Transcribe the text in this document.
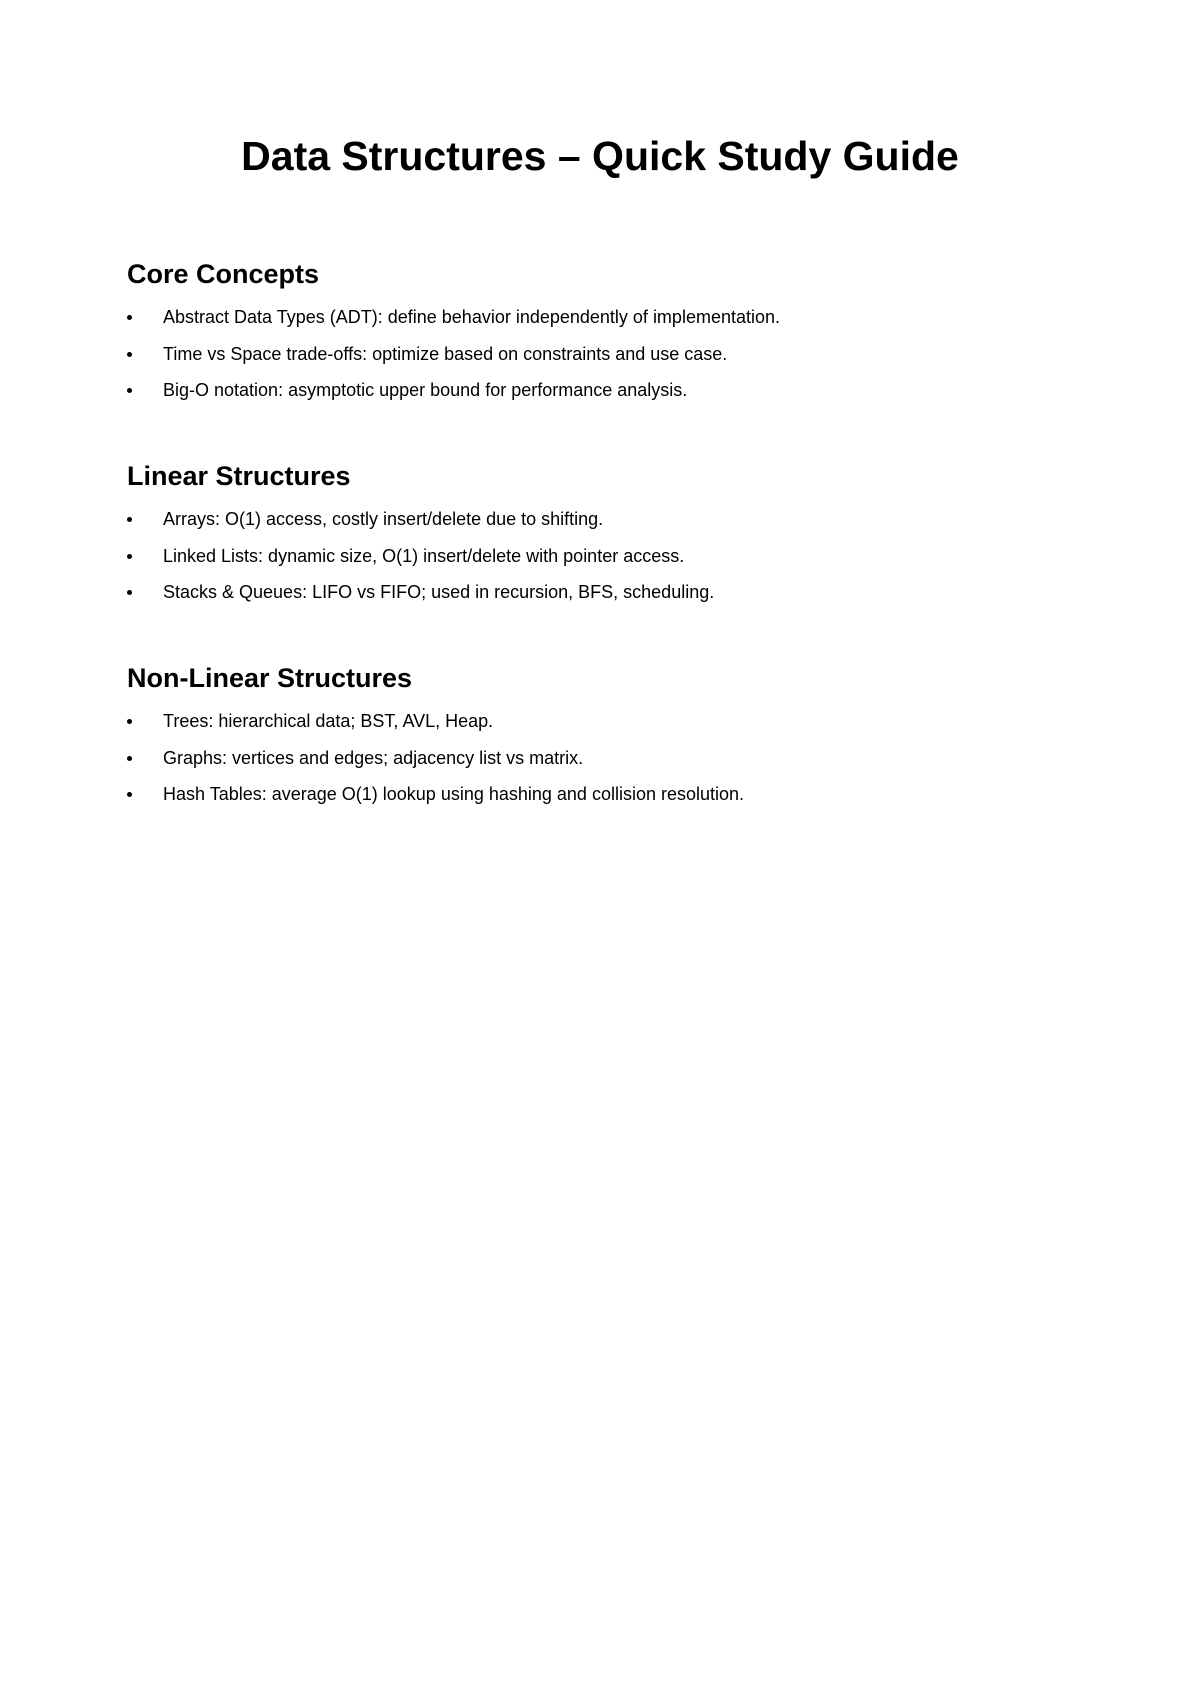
Data Structures – Quick Study Guide
Core Concepts
Abstract Data Types (ADT): define behavior independently of implementation.
Time vs Space trade-offs: optimize based on constraints and use case.
Big-O notation: asymptotic upper bound for performance analysis.
Linear Structures
Arrays: O(1) access, costly insert/delete due to shifting.
Linked Lists: dynamic size, O(1) insert/delete with pointer access.
Stacks & Queues: LIFO vs FIFO; used in recursion, BFS, scheduling.
Non-Linear Structures
Trees: hierarchical data; BST, AVL, Heap.
Graphs: vertices and edges; adjacency list vs matrix.
Hash Tables: average O(1) lookup using hashing and collision resolution.
